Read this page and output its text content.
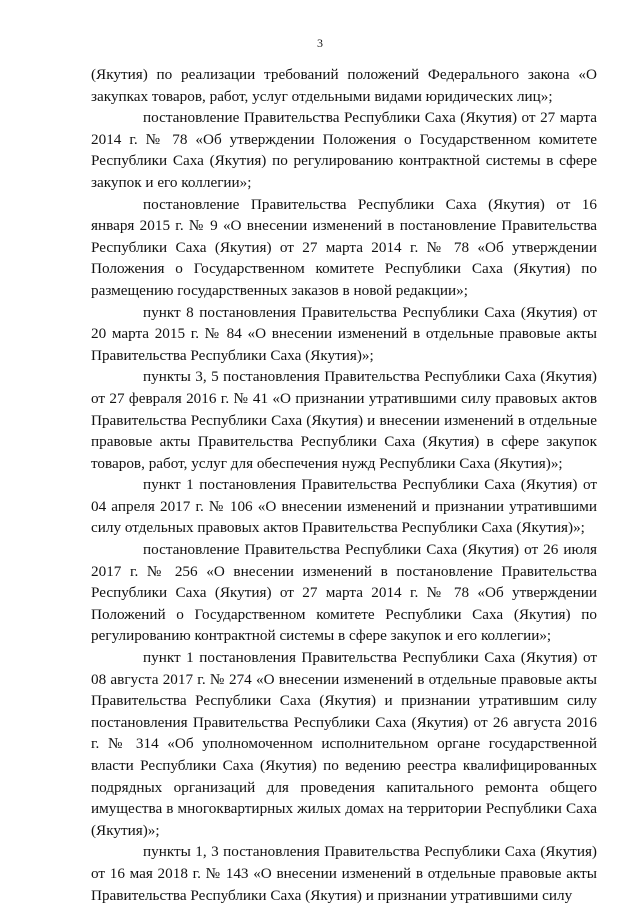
3

(Якутия) по реализации требований положений Федерального закона «О закупках товаров, работ, услуг отдельными видами юридических лиц»;

постановление Правительства Республики Саха (Якутия) от 27 марта 2014 г. № 78 «Об утверждении Положения о Государственном комитете Республики Саха (Якутия) по регулированию контрактной системы в сфере закупок и его коллегии»;

постановление Правительства Республики Саха (Якутия) от 16 января 2015 г. № 9 «О внесении изменений в постановление Правительства Республики Саха (Якутия) от 27 марта 2014 г. № 78 «Об утверждении Положения о Государственном комитете Республики Саха (Якутия) по размещению государственных заказов в новой редакции»;

пункт 8 постановления Правительства Республики Саха (Якутия) от 20 марта 2015 г. № 84 «О внесении изменений в отдельные правовые акты Правительства Республики Саха (Якутия)»;

пункты 3, 5 постановления Правительства Республики Саха (Якутия) от 27 февраля 2016 г. № 41 «О признании утратившими силу правовых актов Правительства Республики Саха (Якутия) и внесении изменений в отдельные правовые акты Правительства Республики Саха (Якутия) в сфере закупок товаров, работ, услуг для обеспечения нужд Республики Саха (Якутия)»;

пункт 1 постановления Правительства Республики Саха (Якутия) от 04 апреля 2017 г. № 106 «О внесении изменений и признании утратившими силу отдельных правовых актов Правительства Республики Саха (Якутия)»;

постановление Правительства Республики Саха (Якутия) от 26 июля 2017 г. № 256 «О внесении изменений в постановление Правительства Республики Саха (Якутия) от 27 марта 2014 г. № 78 «Об утверждении Положений о Государственном комитете Республики Саха (Якутия) по регулированию контрактной системы в сфере закупок и его коллегии»;

пункт 1 постановления Правительства Республики Саха (Якутия) от 08 августа 2017 г. № 274 «О внесении изменений в отдельные правовые акты Правительства Республики Саха (Якутия) и признании утратившим силу постановления Правительства Республики Саха (Якутия) от 26 августа 2016 г. № 314 «Об уполномоченном исполнительном органе государственной власти Республики Саха (Якутия) по ведению реестра квалифицированных подрядных организаций для проведения капитального ремонта общего имущества в многоквартирных жилых домах на территории Республики Саха (Якутия)»;

пункты 1, 3 постановления Правительства Республики Саха (Якутия) от 16 мая 2018 г. № 143 «О внесении изменений в отдельные правовые акты Правительства Республики Саха (Якутия) и признании утратившими силу
